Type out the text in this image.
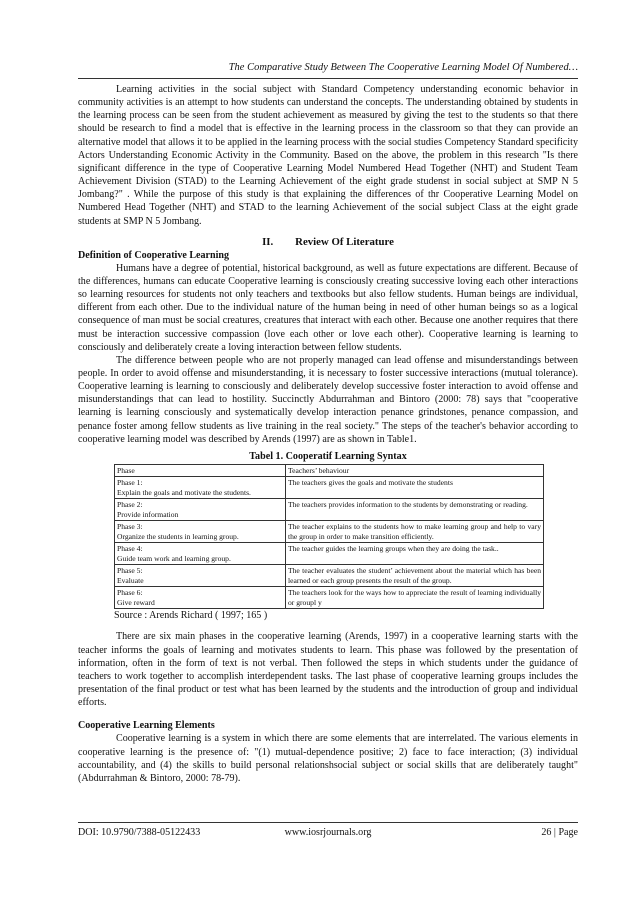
The Comparative Study Between The Cooperative Learning Model Of Numbered…

Learning activities in the social subject with Standard Competency understanding economic behavior in community activities is an attempt to how students can understand the concepts. The understanding obtained by students in the learning process can be seen from the student achievement as measured by giving the test to the students so that there should be research to find a model that is effective in the learning process in the classroom so that they can provide an alternative model that allows it to be applied in the learning process with the social studies Competency Standard specificity Actors Understanding Economic Activity in the Community. Based on the above, the problem in this research "Is there significant difference in the type of Cooperative Learning Model Numbered Head Together (NHT) and Student Team Achievement Division (STAD) to the Learning Achievement of the eight grade studenst in social subject at SMP N 5 Jombang?" . While the purpose of this study is that explaining the differences of thr Cooperative Learning Model on Numbered Head Together (NHT) and STAD to the learning Achievement of the social subject Class at the eight grade students at SMP N 5 Jombang.

II. Review Of Literature
Definition of Cooperative Learning

Humans have a degree of potential, historical background, as well as future expectations are different. Because of the differences, humans can educate Cooperative learning is consciously creating successive loving each other interactions so learning resources for students not only teachers and textbooks but also fellow students. Human beings are individual, different from each other. Due to the individual nature of the human being in need of other human beings so as a logical consequence of man must be social creatures, creatures that interact with each other. Because one another requires that there must be interaction successive compassion (love each other or love each other). Cooperative learning is learning to consciously and deliberately create a loving interaction between fellow students.

The difference between people who are not properly managed can lead offense and misunderstandings between people. In order to avoid offense and misunderstanding, it is necessary to foster successive interactions (mutual tolerance). Cooperative learning is learning to consciously and deliberately develop successive foster interaction to avoid offense and misunderstandings that can lead to hostility. Succinctly Abdurrahman and Bintoro (2000: 78) says that "cooperative learning is learning consciously and systematically develop interaction penance grindstones, penance compassion, and penance foster among fellow students as live training in the real society." The steps of the teacher's behavior according to cooperative learning model was described by Arends (1997) are as shown in Table1.

Tabel 1. Cooperatif Learning Syntax
Phase	Teachers’ behaviour

Phase 1:
Explain the goals and motivate the students.	The teachers gives the goals and motivate the students

Phase 2:
Provide information	The teachers provides information to the students by demonstrating or reading.

Phase 3:
Organize the students in learning group.	The teacher explains to the students how to make learning group and help to vary the group in order to make transition efficiently.

Phase 4:
Guide team work and learning group.	The teacher guides the learning groups when they are doing the task..

Phase 5:
Evaluate	The teacher evaluates the student’ achievement about the material which has been learned or each group presents the result of the group.

Phase 6:
Give reward	The teachers look for the ways how to appreciate the result of learning individually or groupl y
Source : Arends Richard ( 1997; 165 )

There are six main phases in the cooperative learning (Arends, 1997) in a cooperative learning starts with the teacher informs the goals of learning and motivates students to learn. This phase was followed by the presentation of information, often in the form of text is not verbal. Then followed the steps in which students under the guidance of teachers to work together to accomplish interdependent tasks. The last phase of cooperative learning groups includes the presentation of the final product or test what has been learned by the students and the introduction of group and individual efforts.

Cooperative Learning Elements

Cooperative learning is a system in which there are some elements that are interrelated. The various elements in cooperative learning is the presence of: "(1) mutual-dependence positive; 2) face to face interaction; (3) individual accountability, and (4) the skills to build personal relationshsocial subject or social skills that are deliberately taught" (Abdurrahman & Bintoro, 2000: 78-79).

DOI: 10.9790/7388-05122433	www.iosrjournals.org	26 | Page
